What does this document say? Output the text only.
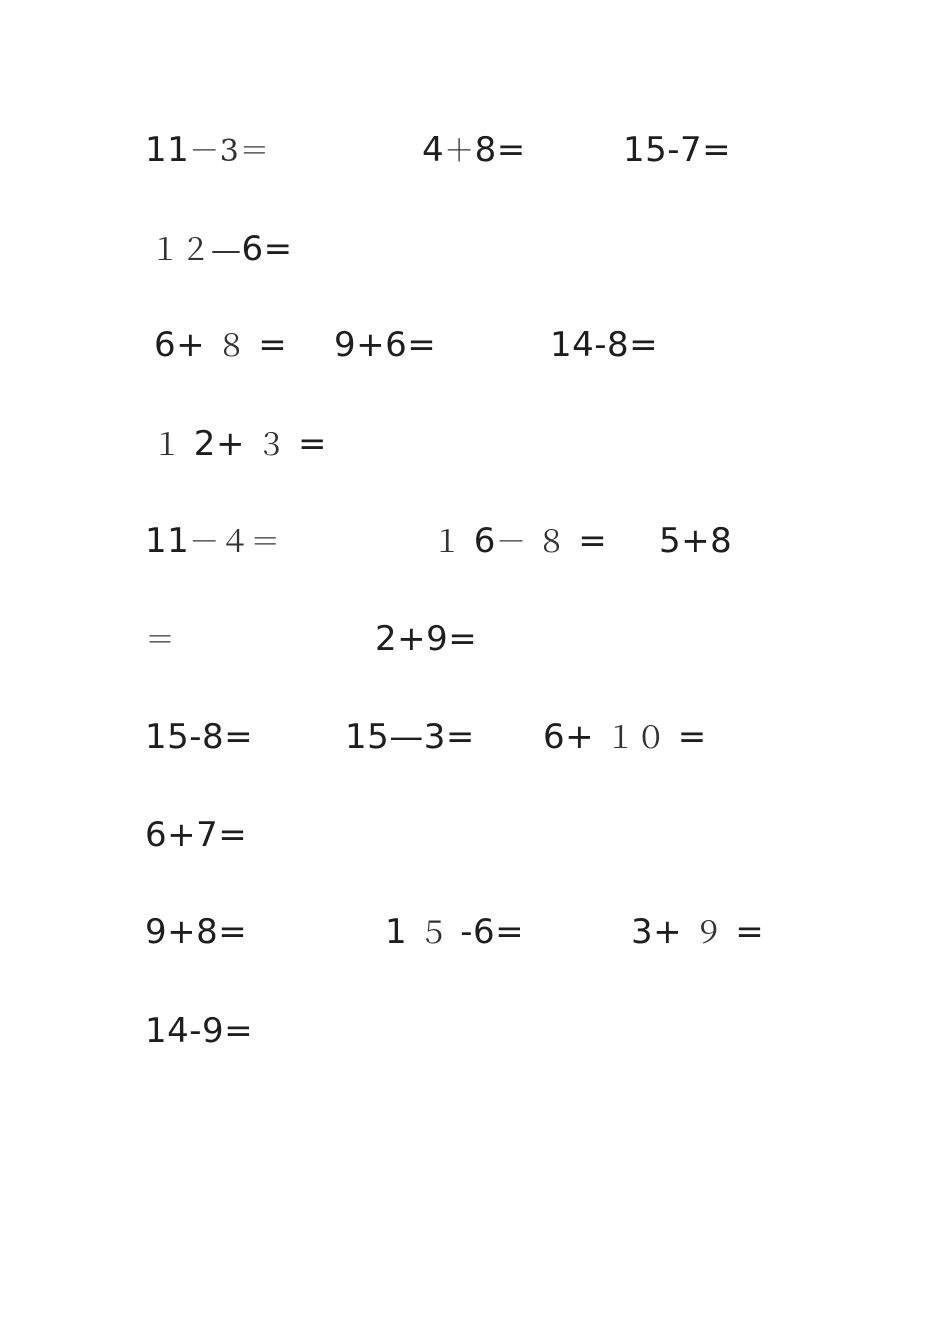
11－3＝	4＋8=	15-7=
１２—6=
6+ ８ = 9+6=	14-8=
１ 2+ ３ =
11－４＝	１ 6－ ８ = 5+8
＝	2+9=
15-8=	15—3= 6+ １０ =
6+7=
9+8=	1 ５ -6=	3+ ９ =
14-9=
